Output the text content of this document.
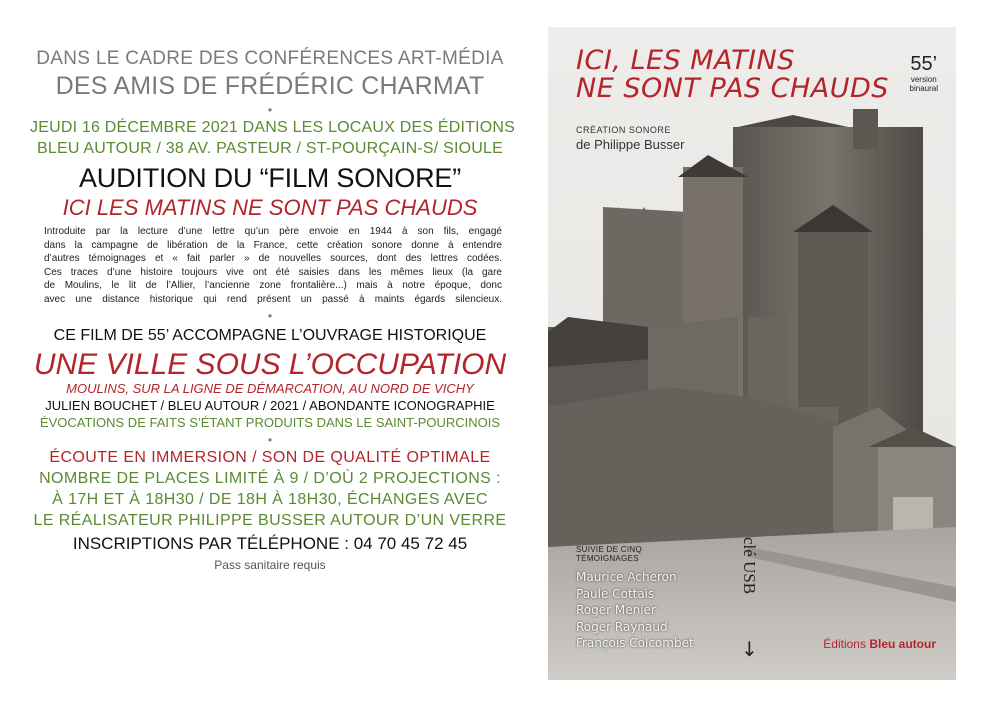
DANS LE CADRE DES CONFÉRENCES ART-MÉDIA
DES AMIS DE FRÉDÉRIC CHARMAT
•
JEUDI 16 DÉCEMBRE 2021 DANS LES LOCAUX DES ÉDITIONS
BLEU AUTOUR / 38 AV. PASTEUR / ST-POURÇAIN-S/ SIOULE
AUDITION DU “FILM SONORE”
ICI LES MATINS NE SONT PAS CHAUDS
Introduite par la lecture d’une lettre qu’un père envoie en 1944 à son fils, engagé
dans la campagne de libération de la France, cette création sonore donne à entendre
d’autres témoignages et « fait parler » de nouvelles sources, dont des lettres codées.
Ces traces d’une histoire toujours vive ont été saisies dans les mêmes lieux (la gare
de Moulins, le lit de l’Allier, l’ancienne zone frontalière...) mais à notre époque, donc
avec une distance historique qui rend présent un passé à maints égards silencieux.
•
CE FILM DE 55’ ACCOMPAGNE L’OUVRAGE HISTORIQUE
UNE VILLE SOUS L’OCCUPATION
MOULINS, SUR LA LIGNE DE DÉMARCATION, AU NORD DE VICHY
JULIEN BOUCHET / BLEU AUTOUR / 2021 / ABONDANTE ICONOGRAPHIE
ÉVOCATIONS DE FAITS S’ÉTANT PRODUITS DANS LE SAINT-POURCINOIS
•
ÉCOUTE EN IMMERSION / SON DE QUALITÉ OPTIMALE
NOMBRE DE PLACES LIMITÉ À 9 / D’OÙ 2 PROJECTIONS :
À 17H ET À 18H30 / DE 18H À 18H30, ÉCHANGES AVEC
LE RÉALISATEUR PHILIPPE BUSSER AUTOUR D’UN VERRE
INSCRIPTIONS PAR TÉLÉPHONE : 04 70 45 72 45
Pass sanitaire requis
ICI, LES MATINS
NE SONT PAS CHAUDS
55’
version
binaural
CRÉATION SONORE
de Philippe Busser
SUIVIE DE CINQ
TÉMOIGNAGES
Maurice Acheron
Paule Cottais
Roger Menier
Roger Raynaud
François Colcombet
clé USB
↓	Éditions Bleu autour
